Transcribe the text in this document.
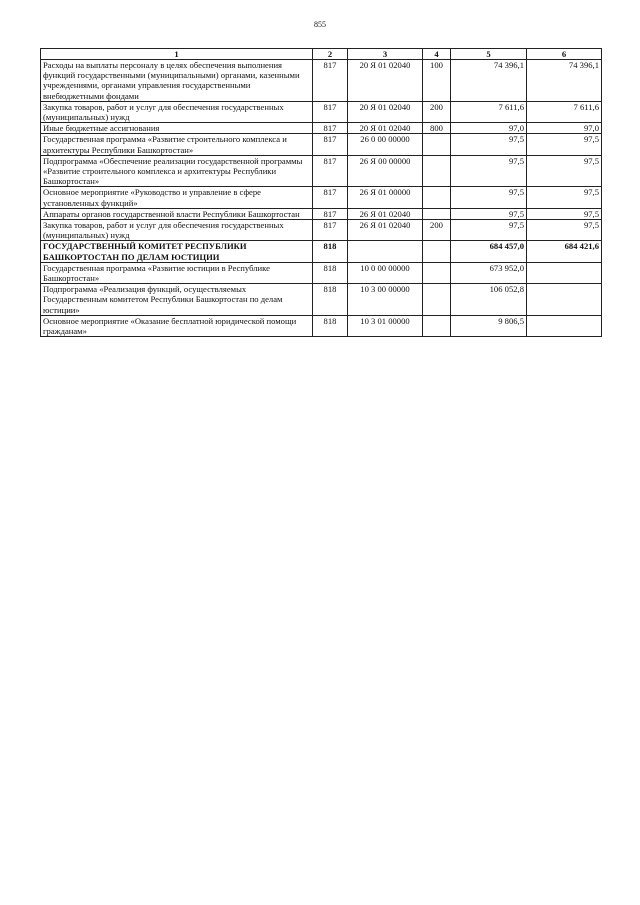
855
1	2	3	4	5	6
Расходы на выплаты персоналу в целях обеспечения выполнения функций государственными (муниципальными) органами, казенными учреждениями, органами управления государственными внебюджетными фондами	817	20 Я 01 02040	100	74 396,1	74 396,1
Закупка товаров, работ и услуг для обеспечения государственных (муниципальных) нужд	817	20 Я 01 02040	200	7 611,6	7 611,6
Иные бюджетные ассигнования	817	20 Я 01 02040	800	97,0	97,0
Государственная программа «Развитие строительного комплекса и архитектуры Республики Башкортостан»	817	26 0 00 00000		97,5	97,5
Подпрограмма «Обеспечение реализации государственной программы «Развитие строительного комплекса и архитектуры Республики Башкортостан»	817	26 Я 00 00000		97,5	97,5
Основное мероприятие «Руководство и управление в сфере установленных функций»	817	26 Я 01 00000		97,5	97,5
Аппараты органов государственной власти Республики Башкортостан	817	26 Я 01 02040		97,5	97,5
Закупка товаров, работ и услуг для обеспечения государственных (муниципальных) нужд	817	26 Я 01 02040	200	97,5	97,5
ГОСУДАРСТВЕННЫЙ КОМИТЕТ РЕСПУБЛИКИ БАШКОРТОСТАН ПО ДЕЛАМ ЮСТИЦИИ	818			684 457,0	684 421,6
Государственная программа «Развитие юстиции в Республике Башкортостан»	818	10 0 00 00000		673 952,0	
Подпрограмма «Реализация функций, осуществляемых Государственным комитетом Республики Башкортостан по делам юстиции»	818	10 3 00 00000		106 052,8	
Основное мероприятие «Оказание бесплатной юридической помощи гражданам»	818	10 3 01 00000		9 806,5	
